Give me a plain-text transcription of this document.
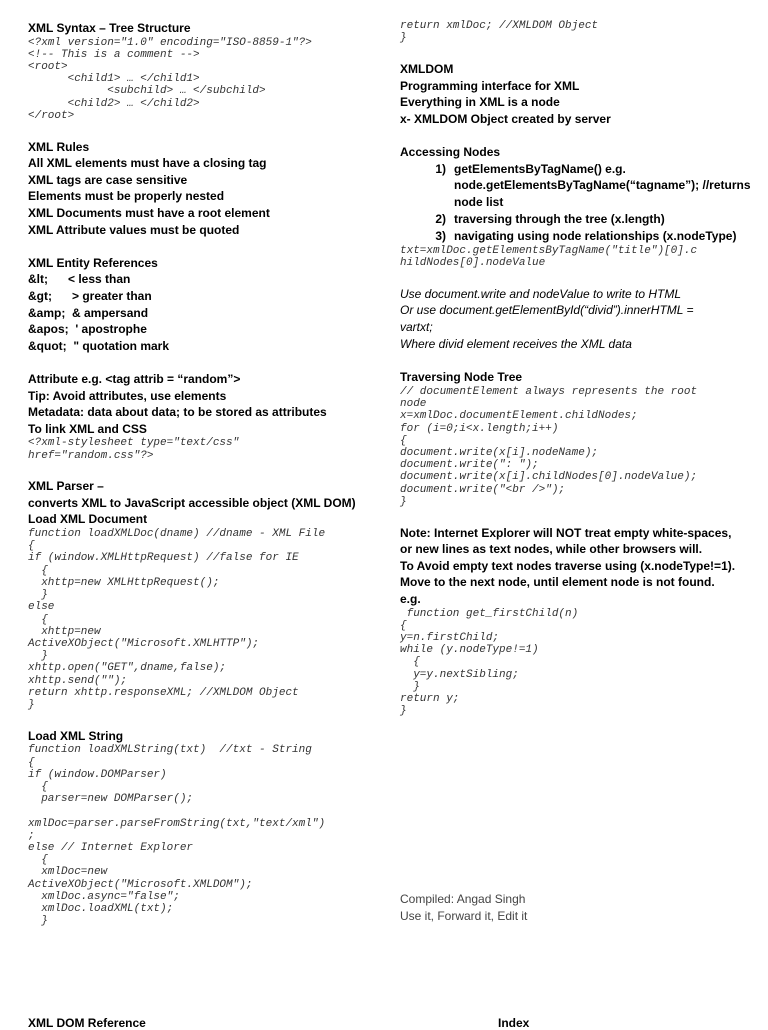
XML Syntax – Tree Structure
<?xml version="1.0" encoding="ISO-8859-1"?>
<!-- This is a comment -->
<root>
<child1> … </child1>
<subchild> … </subchild>
<child2> … </child2>
</root>
XML Rules
All XML elements must have a closing tag
XML tags are case sensitive
Elements must be properly nested
XML Documents must have a root element
XML Attribute values must be quoted
XML Entity References
&lt;      < less than
&gt;      > greater than
&amp;  & ampersand
&apos;  ' apostrophe
&quot;  " quotation mark
Attribute e.g. <tag attrib = “random”>
Tip: Avoid attributes, use elements
Metadata: data about data; to be stored as attributes
To link XML and CSS
<?xml-stylesheet type="text/css"
href="random.css"?>
XML Parser –
converts XML to JavaScript accessible object (XML DOM)
Load XML Document
function loadXMLDoc(dname) //dname - XML File
{
if (window.XMLHttpRequest) //false for IE
{
xhttp=new XMLHttpRequest();
}
else
{
xhttp=new
ActiveXObject("Microsoft.XMLHTTP");
}
xhttp.open("GET",dname,false);
xhttp.send("");
return xhttp.responseXML; //XMLDOM Object
}
Load XML String
function loadXMLString(txt)  //txt - String
{
if (window.DOMParser)
{
parser=new DOMParser();

xmlDoc=parser.parseFromString(txt,"text/xml")
;
else // Internet Explorer
{
xmlDoc=new
ActiveXObject("Microsoft.XMLDOM");
xmlDoc.async="false";
xmlDoc.loadXML(txt);
}
return xmlDoc; //XMLDOM Object
}
XMLDOM
Programming interface for XML
Everything in XML is a node
x- XMLDOM Object created by server
Accessing Nodes
1) getElementsByTagName() e.g.
node.getElementsByTagName(“tagname”); //returns
node list
2) traversing through the tree (x.length)
3) navigating using node relationships (x.nodeType)
txt=xmlDoc.getElementsByTagName("title")[0].c
hildNodes[0].nodeValue
Use document.write and nodeValue to write to HTML
Or use document.getElementById(“divid”).innerHTML =
vartxt;
Where divid element receives the XML data
Traversing Node Tree
// documentElement always represents the root
node
x=xmlDoc.documentElement.childNodes;
for (i=0;i<x.length;i++)
{
document.write(x[i].nodeName);
document.write(": ");
document.write(x[i].childNodes[0].nodeValue);
document.write("<br />");
}
Note: Internet Explorer will NOT treat empty white-spaces,
or new lines as text nodes, while other browsers will.
To Avoid empty text nodes traverse using (x.nodeType!=1).
Move to the next node, until element node is not found.
e.g.
function get_firstChild(n)
{
y=n.firstChild;
while (y.nodeType!=1)
{
y=y.nextSibling;
}
return y;
}
Compiled: Angad Singh
Use it, Forward it, Edit it
XML DOM Reference	Index
